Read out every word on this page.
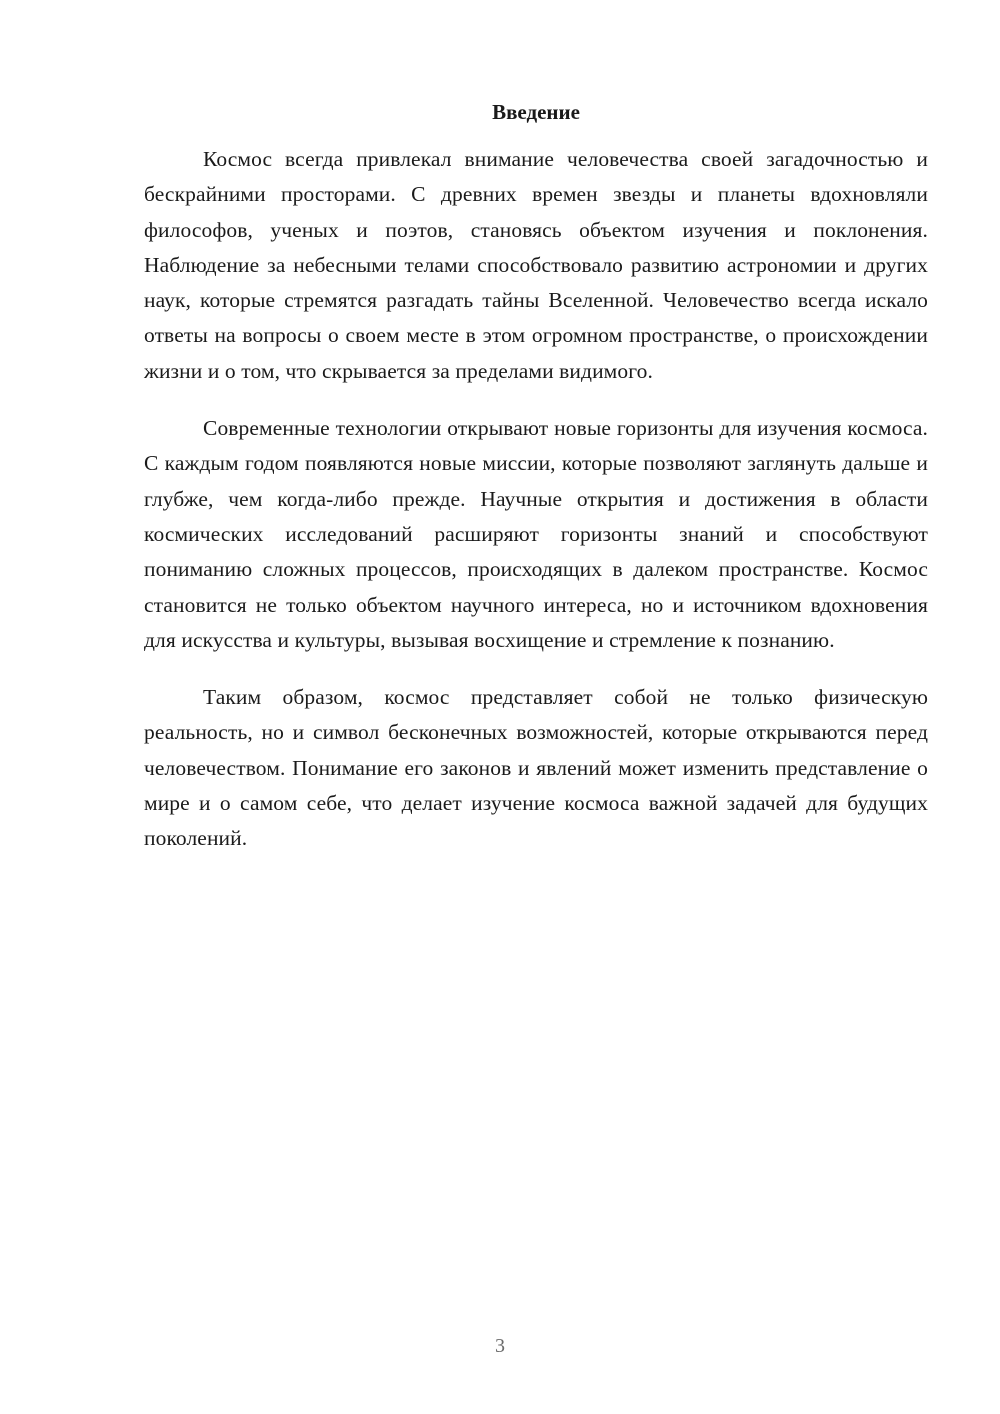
Введение

Космос всегда привлекал внимание человечества своей загадочностью и бескрайними просторами. С древних времен звезды и планеты вдохновляли философов, ученых и поэтов, становясь объектом изучения и поклонения. Наблюдение за небесными телами способствовало развитию астрономии и других наук, которые стремятся разгадать тайны Вселенной. Человечество всегда искало ответы на вопросы о своем месте в этом огромном пространстве, о происхождении жизни и о том, что скрывается за пределами видимого.

Современные технологии открывают новые горизонты для изучения космоса. С каждым годом появляются новые миссии, которые позволяют заглянуть дальше и глубже, чем когда-либо прежде. Научные открытия и достижения в области космических исследований расширяют горизонты знаний и способствуют пониманию сложных процессов, происходящих в далеком пространстве. Космос становится не только объектом научного интереса, но и источником вдохновения для искусства и культуры, вызывая восхищение и стремление к познанию.

Таким образом, космос представляет собой не только физическую реальность, но и символ бесконечных возможностей, которые открываются перед человечеством. Понимание его законов и явлений может изменить представление о мире и о самом себе, что делает изучение космоса важной задачей для будущих поколений.

3
